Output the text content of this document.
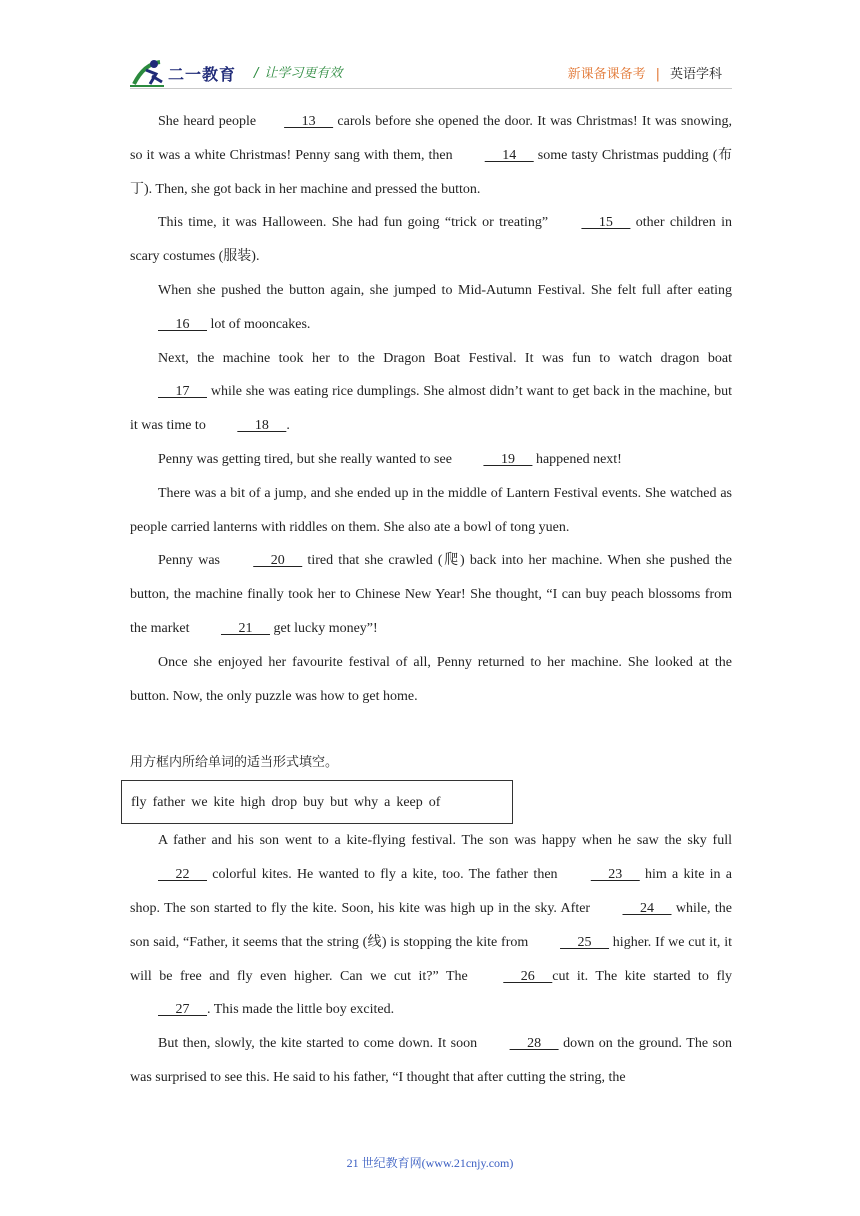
二一教育 / 让学习更有效	新课备课备考 | 英语学科

She heard people     13      carols before she opened the door. It was Christmas! It was snowing, so it was a white Christmas! Penny sang with them, then      14      some tasty Christmas pudding (布丁). Then, she got back in her machine and pressed the button.

This time, it was Halloween. She had fun going “trick or treating”      15      other children in scary costumes (服装).

When she pushed the button again, she jumped to Mid-Autumn Festival. She felt full after eating      16      lot of mooncakes.

Next, the machine took her to the Dragon Boat Festival. It was fun to watch dragon boat      17      while she was eating rice dumplings. She almost didn’t want to get back in the machine, but it was time to      18     .

Penny was getting tired, but she really wanted to see      19      happened next!

There was a bit of a jump, and she ended up in the middle of Lantern Festival events. She watched as people carried lanterns with riddles on them. She also ate a bowl of tong yuen.

Penny was      20      tired that she crawled (爬) back into her machine. When she pushed the button, the machine finally took her to Chinese New Year! She thought, “I can buy peach blossoms from the market      21      get lucky money”!

Once she enjoyed her favourite festival of all, Penny returned to her machine. She looked at the button. Now, the only puzzle was how to get home.

用方框内所给单词的适当形式填空。

fly father we kite high drop buy but why a keep of

A father and his son went to a kite-flying festival. The son was happy when he saw the sky full      22      colorful kites. He wanted to fly a kite, too. The father then      23      him a kite in a shop. The son started to fly the kite. Soon, his kite was high up in the sky. After      24      while, the son said, “Father, it seems that the string (线) is stopping the kite from      25      higher. If we cut it, it will be free and fly even higher. Can we cut it?” The      26     cut it. The kite started to fly      27     . This made the little boy excited.

But then, slowly, the kite started to come down. It soon      28      down on the ground. The son was surprised to see this. He said to his father, “I thought that after cutting the string, the

21 世纪教育网(www.21cnjy.com)
